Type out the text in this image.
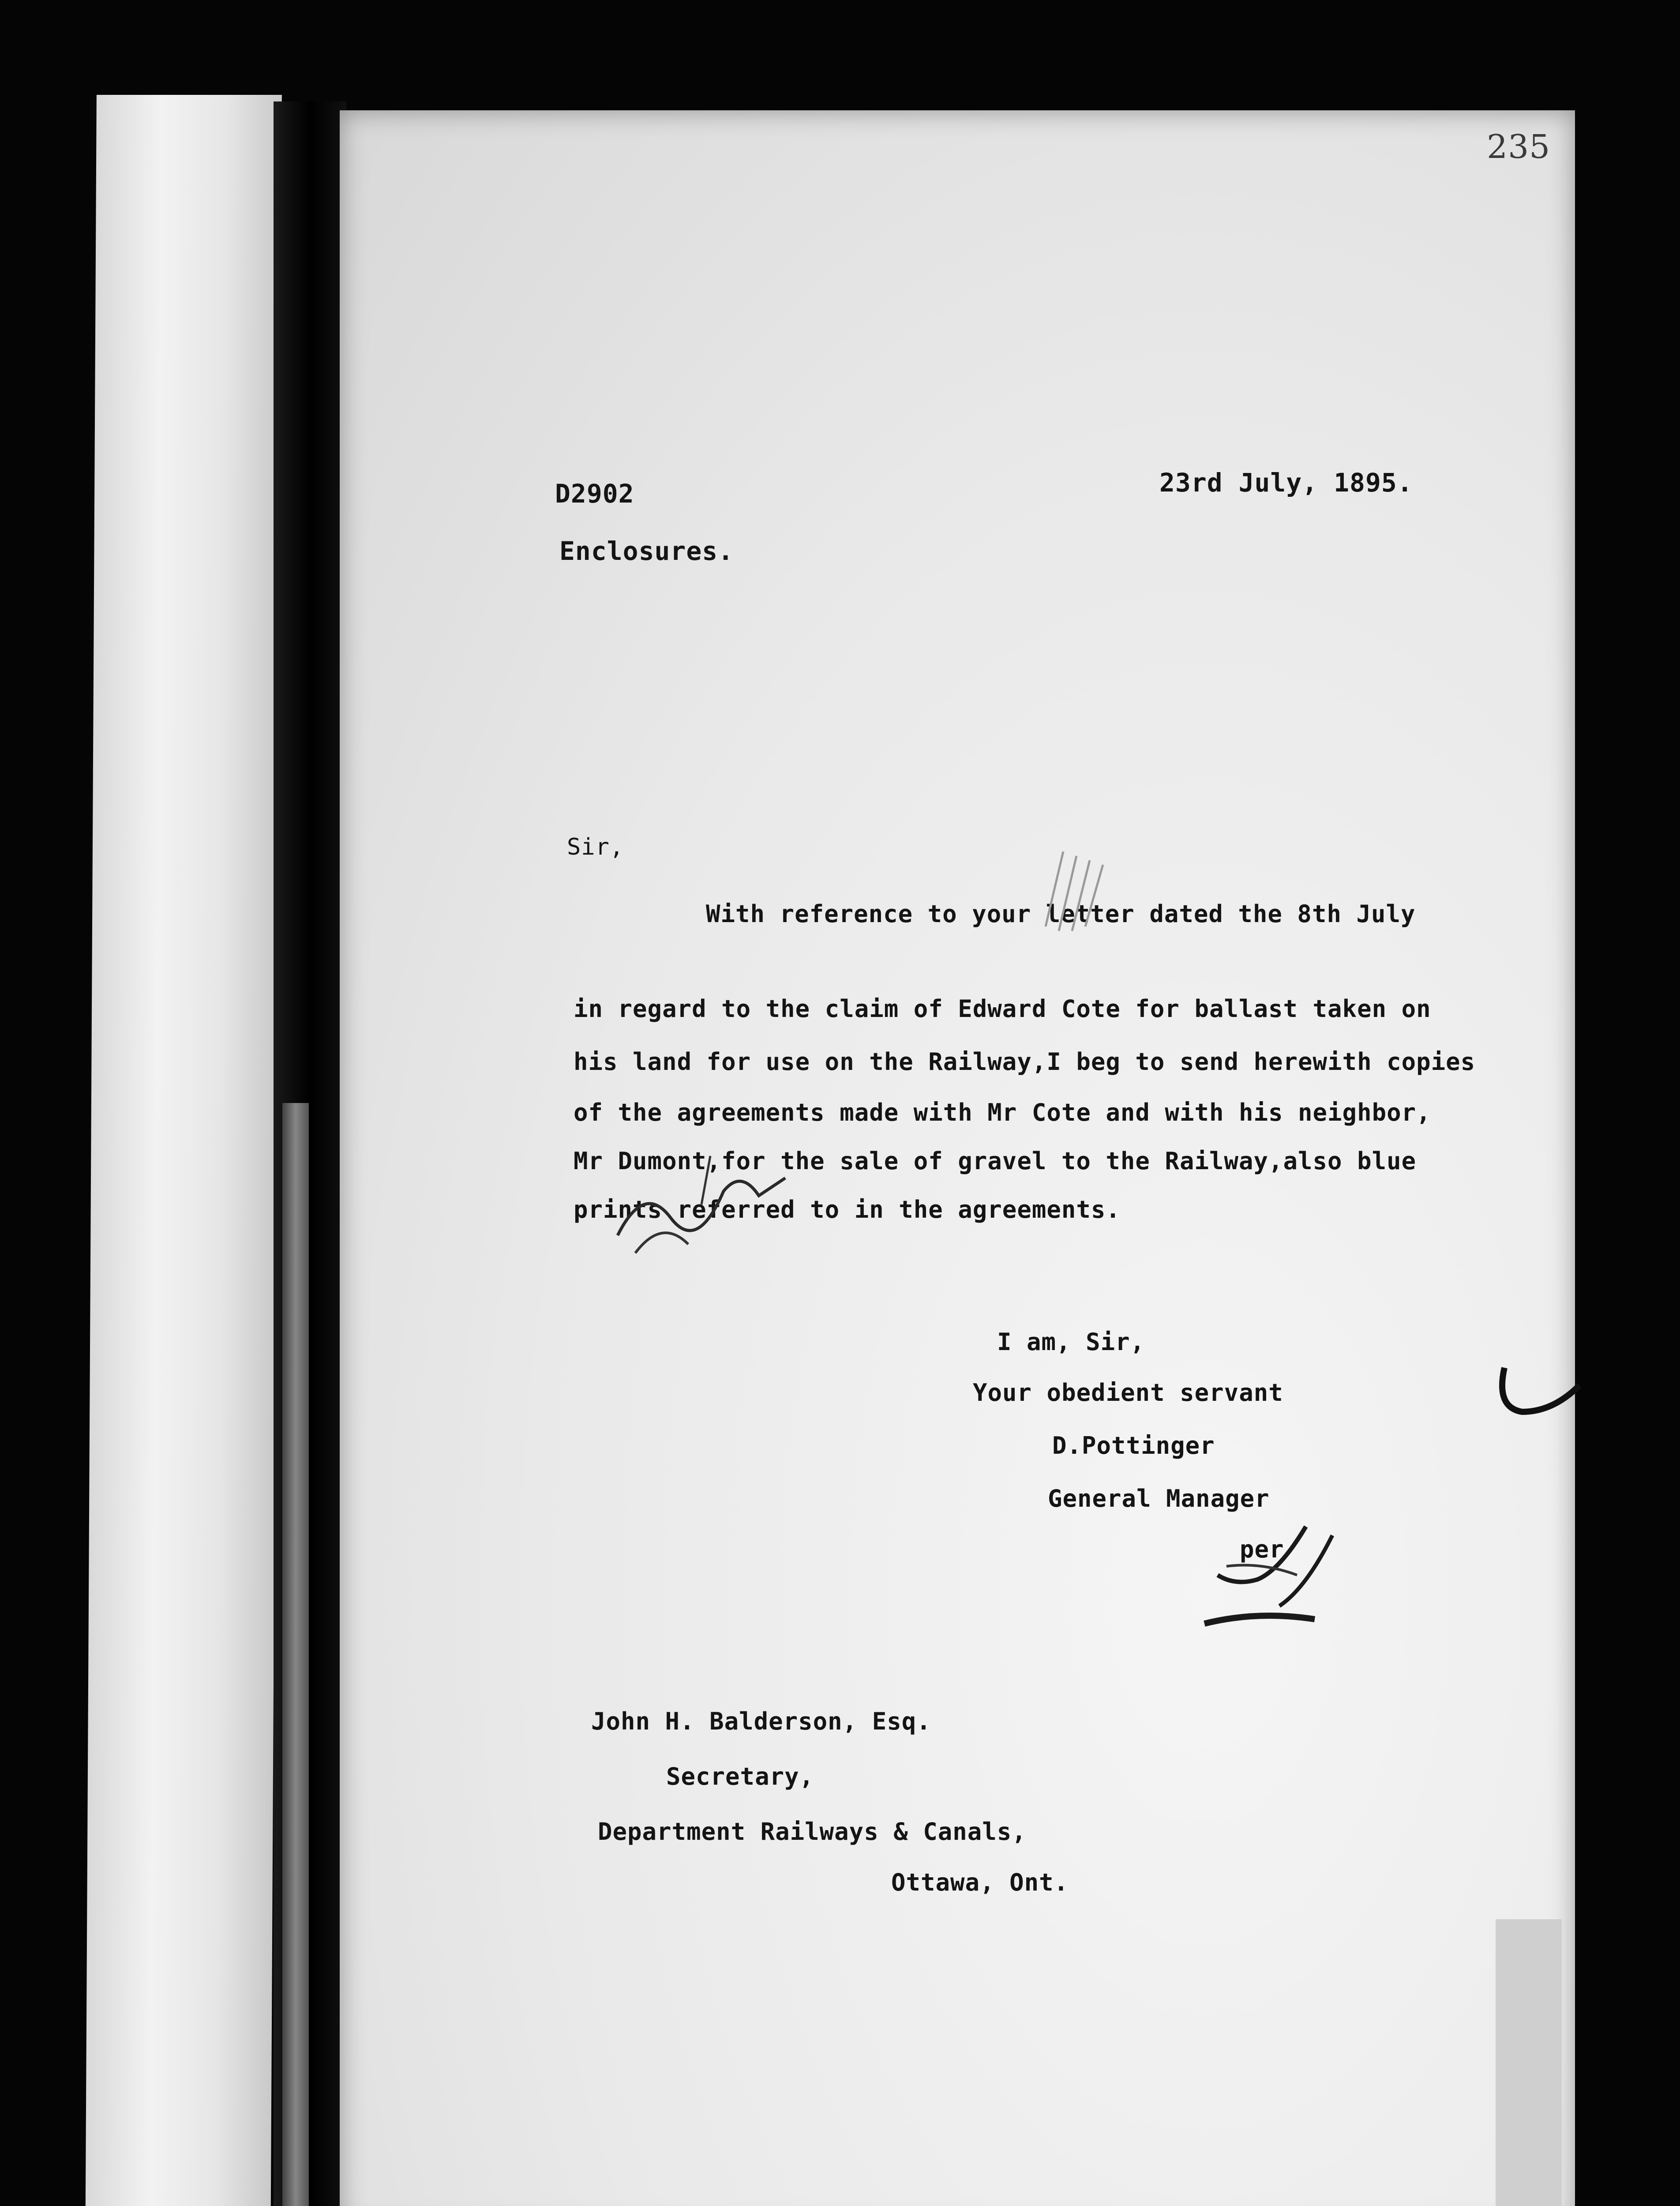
235
D2902	23rd July, 1895.
Enclosures.
Sir,
With reference to your letter dated the 8th July
in regard to the claim of Edward Cote for ballast taken on
his land for use on the Railway,I beg to send herewith copies
of the agreements made with Mr Cote and with his neighbor,
Mr Dumont,for the sale of gravel to the Railway,also blue
prints referred to in the agreements.
I am, Sir,
Your obedient servant
D.Pottinger
General Manager
per
John H. Balderson, Esq.
Secretary,
Department Railways & Canals,
Ottawa, Ont.
